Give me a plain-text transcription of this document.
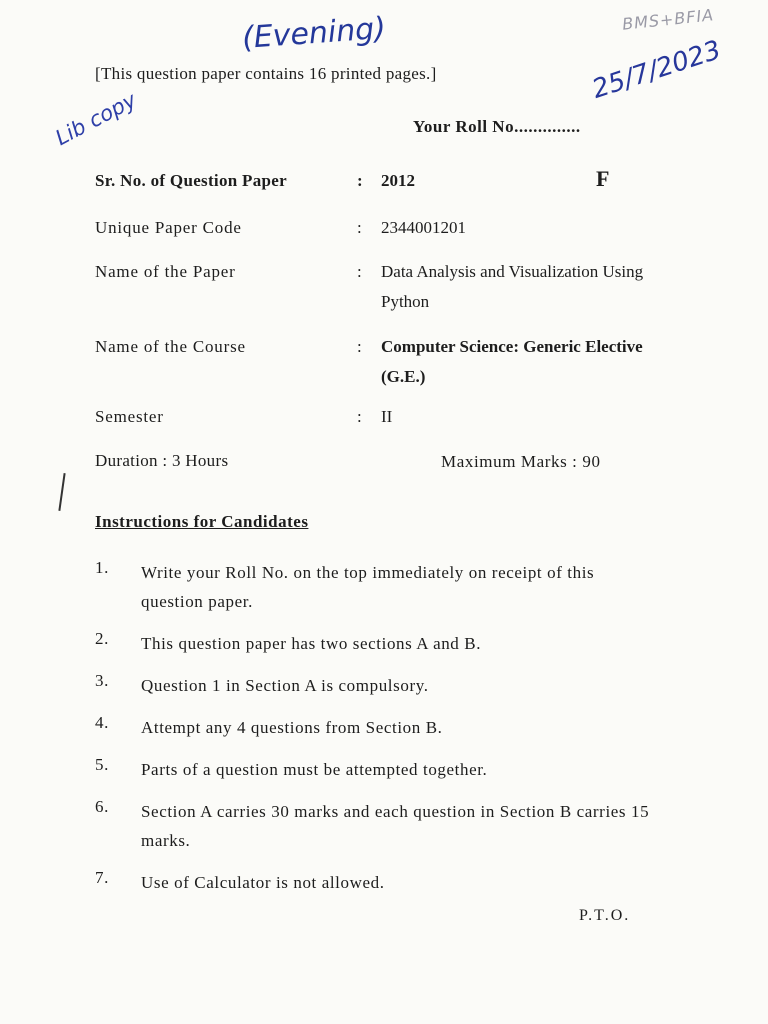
(Evening)	BMS+BFIA
25/7/2023
Lib copy
[This question paper contains 16 printed pages.]
Your Roll No..............
Sr. No. of Question Paper	: 2012	F
Unique Paper Code	: 2344001201
Name of the Paper	: Data Analysis and Visualization Using Python
Name of the Course	: Computer Science: Generic Elective (G.E.)
Semester	: II
Duration : 3 Hours	Maximum Marks : 90
Instructions for Candidates
1. Write your Roll No. on the top immediately on receipt of this question paper.
2. This question paper has two sections A and B.
3. Question 1 in Section A is compulsory.
4. Attempt any 4 questions from Section B.
5. Parts of a question must be attempted together.
6. Section A carries 30 marks and each question in Section B carries 15 marks.
7. Use of Calculator is not allowed.
P.T.O.
